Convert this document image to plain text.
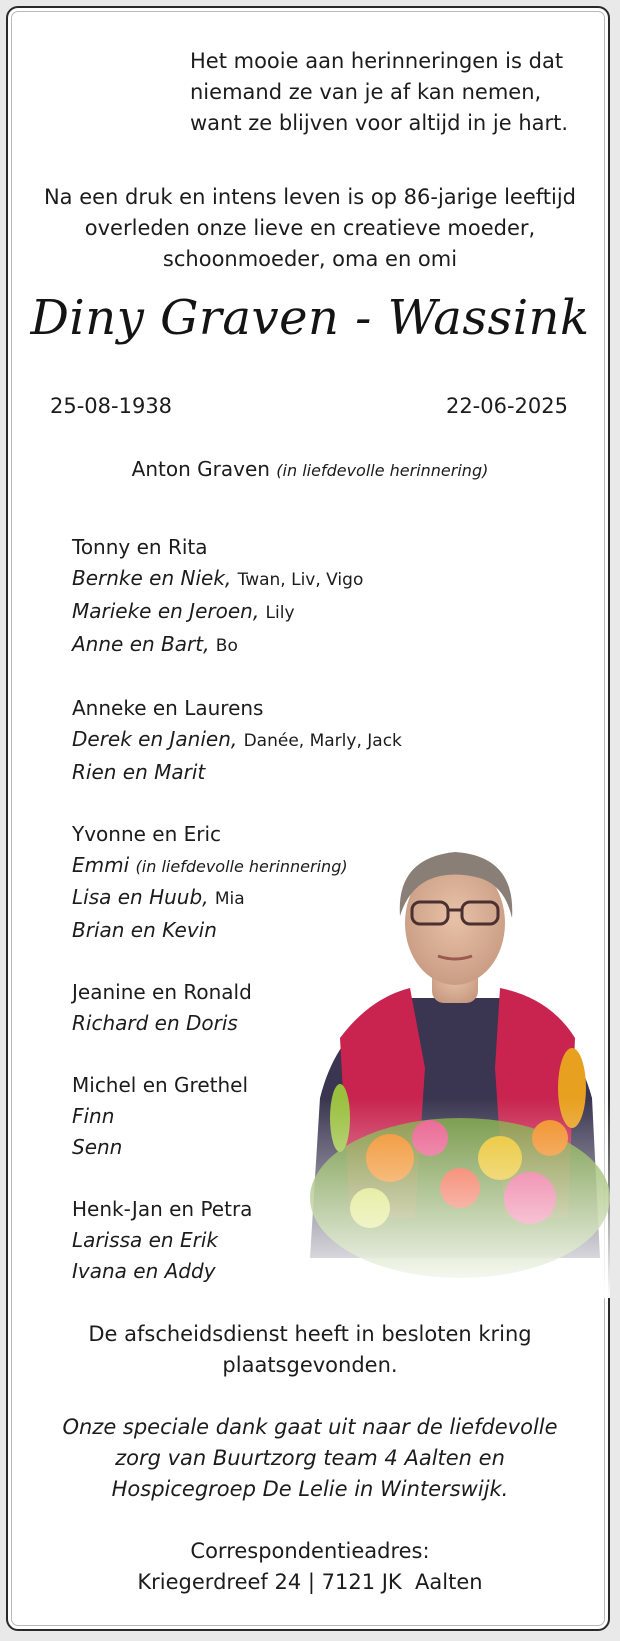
Het mooie aan herinneringen is dat
niemand ze van je af kan nemen,
want ze blijven voor altijd in je hart.
Na een druk en intens leven is op 86-jarige leeftijd
overleden onze lieve en creatieve moeder,
schoonmoeder, oma en omi
Diny Graven - Wassink
25-08-1938	22-06-2025
Anton Graven (in liefdevolle herinnering)
Tonny en Rita
Bernke en Niek, Twan, Liv, Vigo
Marieke en Jeroen, Lily
Anne en Bart, Bo
Anneke en Laurens
Derek en Janien, Danée, Marly, Jack
Rien en Marit
Yvonne en Eric
Emmi (in liefdevolle herinnering)
Lisa en Huub, Mia
Brian en Kevin
Jeanine en Ronald
Richard en Doris
Michel en Grethel
Finn
Senn
Henk-Jan en Petra
Larissa en Erik
Ivana en Addy
De afscheidsdienst heeft in besloten kring
plaatsgevonden.
Onze speciale dank gaat uit naar de liefdevolle
zorg van Buurtzorg team 4 Aalten en
Hospicegroep De Lelie in Winterswijk.
Correspondentieadres:
Kriegerdreef 24 | 7121 JK  Aalten
